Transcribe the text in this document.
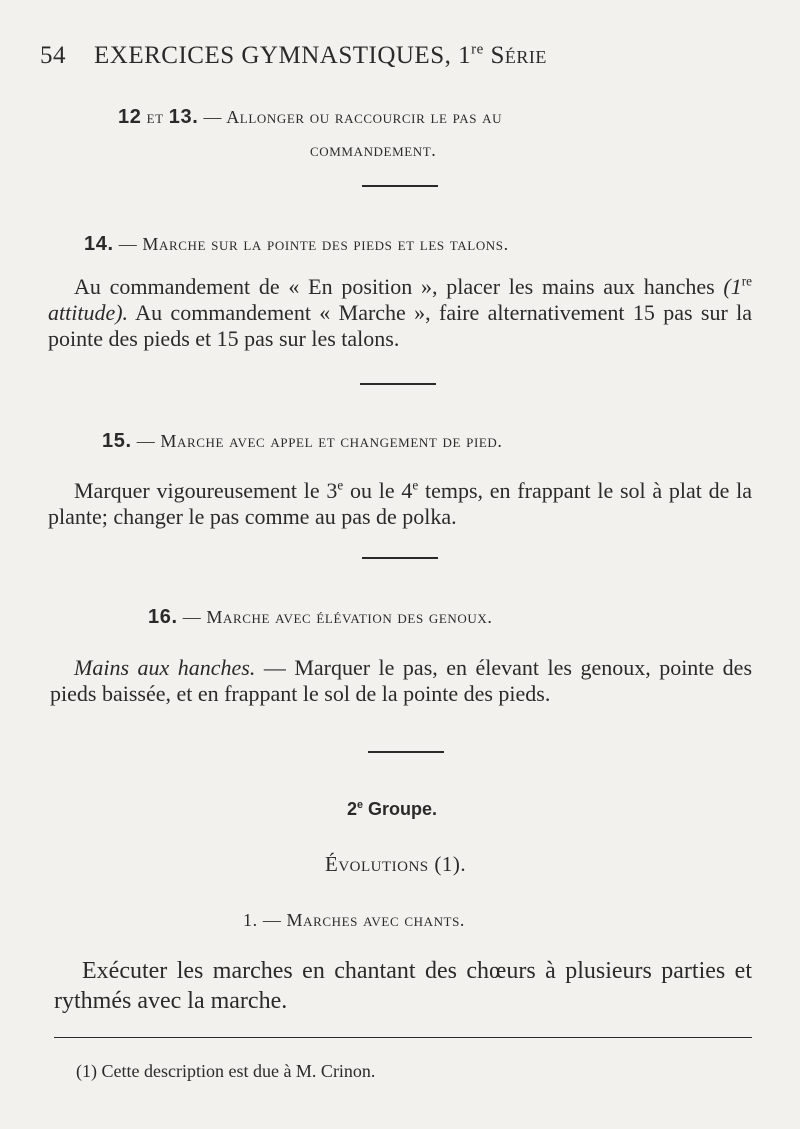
54 EXERCICES GYMNASTIQUES, 1re Série
12 et 13. — Allonger ou raccourcir le pas au
commandement.
14. — Marche sur la pointe des pieds et les talons.
Au commandement de « En position », placer les mains aux hanches (1re attitude). Au commandement « Marche », faire alternativement 15 pas sur la pointe des pieds et 15 pas sur les talons.
15. — Marche avec appel et changement de pied.
Marquer vigoureusement le 3e ou le 4e temps, en frappant le sol à plat de la plante; changer le pas comme au pas de polka.
16. — Marche avec élévation des genoux.
Mains aux hanches. — Marquer le pas, en élevant les genoux, pointe des pieds baissée, et en frappant le sol de la pointe des pieds.
2e Groupe.
Évolutions (1).
1. — Marches avec chants.
Exécuter les marches en chantant des chœurs à plusieurs parties et rythmés avec la marche.
(1) Cette description est due à M. Crinon.
